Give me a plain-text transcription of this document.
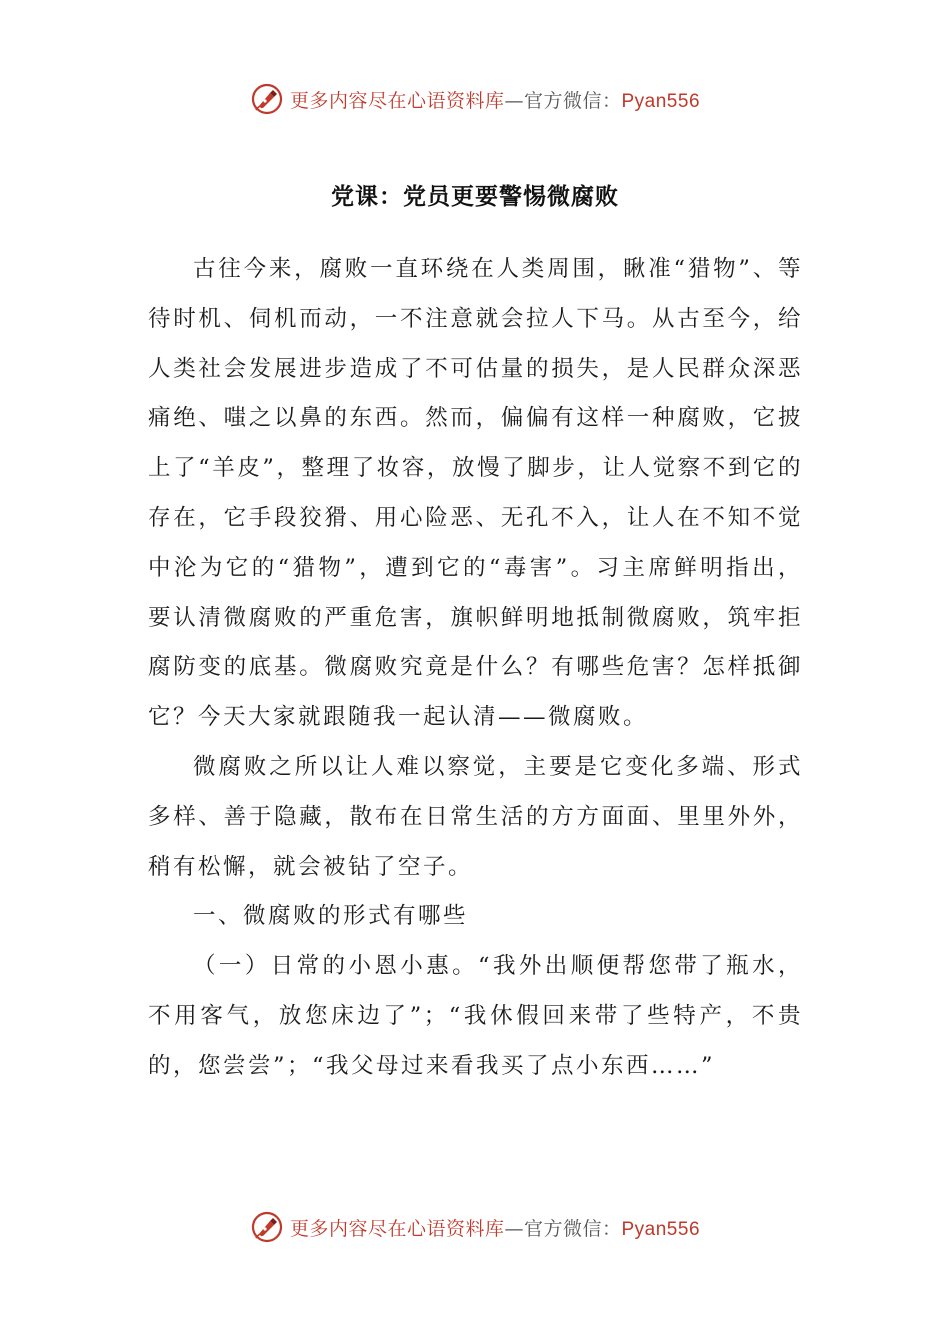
更多内容尽在心语资料库—官方微信：Pyan556
党课：党员更要警惕微腐败

古往今来，腐败一直环绕在人类周围，瞅准“猎物”、等待时机、伺机而动，一不注意就会拉人下马。从古至今，给人类社会发展进步造成了不可估量的损失，是人民群众深恶痛绝、嗤之以鼻的东西。然而，偏偏有这样一种腐败，它披上了“羊皮”，整理了妆容，放慢了脚步，让人觉察不到它的存在，它手段狡猾、用心险恶、无孔不入，让人在不知不觉中沦为它的“猎物”，遭到它的“毒害”。习主席鲜明指出，要认清微腐败的严重危害，旗帜鲜明地抵制微腐败，筑牢拒腐防变的底基。微腐败究竟是什么？有哪些危害？怎样抵御它？今天大家就跟随我一起认清——微腐败。

微腐败之所以让人难以察觉，主要是它变化多端、形式多样、善于隐藏，散布在日常生活的方方面面、里里外外，稍有松懈，就会被钻了空子。

一、微腐败的形式有哪些

（一）日常的小恩小惠。“我外出顺便帮您带了瓶水，不用客气，放您床边了”；“我休假回来带了些特产，不贵的，您尝尝”；“我父母过来看我买了点小东西……”

更多内容尽在心语资料库—官方微信：Pyan556
